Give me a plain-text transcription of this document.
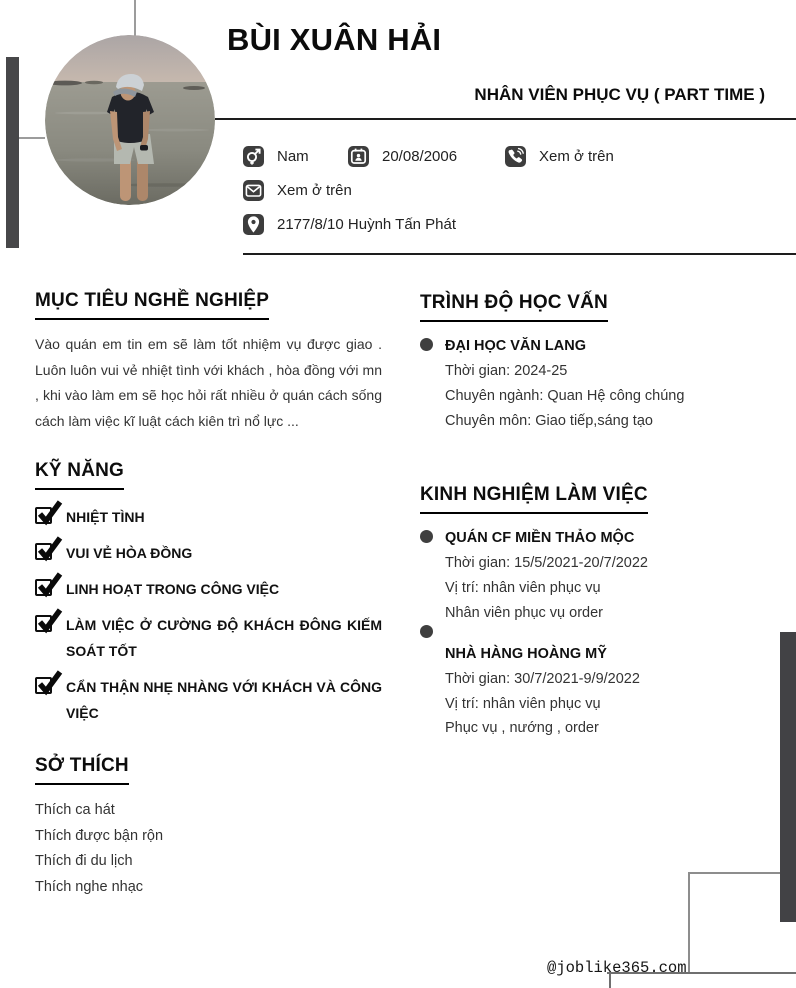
BÙI XUÂN HẢI
NHÂN VIÊN PHỤC VỤ ( PART TIME )
Nam	20/08/2006	Xem ở trên
Xem ở trên
2177/8/10 Huỳnh Tấn Phát
MỤC TIÊU NGHỀ NGHIỆP

Vào quán em tin em sẽ làm tốt nhiệm vụ được giao . Luôn luôn vui vẻ nhiệt tình với khách , hòa đồng với mn , khi vào làm em sẽ học hỏi rất nhiều ở quán cách sống cách làm việc kĩ luật cách kiên trì nổ lực ...

KỸ NĂNG
NHIỆT TÌNH
VUI VẺ HÒA ĐỒNG
LINH HOẠT TRONG CÔNG VIỆC
LÀM VIỆC Ở CƯỜNG ĐỘ KHÁCH ĐÔNG KIẾM SOÁT TỐT
CẨN THẬN NHẸ NHÀNG VỚI KHÁCH VÀ CÔNG VIỆC
SỞ THÍCH
Thích ca hát
Thích được bận rộn
Thích đi du lịch
Thích nghe nhạc
TRÌNH ĐỘ HỌC VẤN
ĐẠI HỌC VĂN LANG
Thời gian: 2024-25
Chuyên ngành: Quan Hệ công chúng
Chuyên môn: Giao tiếp,sáng tạo
KINH NGHIỆM LÀM VIỆC
QUÁN CF MIỀN THẢO MỘC
Thời gian: 15/5/2021-20/7/2022
Vị trí: nhân viên phục vụ
Nhân viên phục vụ order
NHÀ HÀNG HOÀNG MỸ
Thời gian: 30/7/2021-9/9/2022
Vị trí: nhân viên phục vụ
Phục vụ , nướng , order
@joblike365.com
